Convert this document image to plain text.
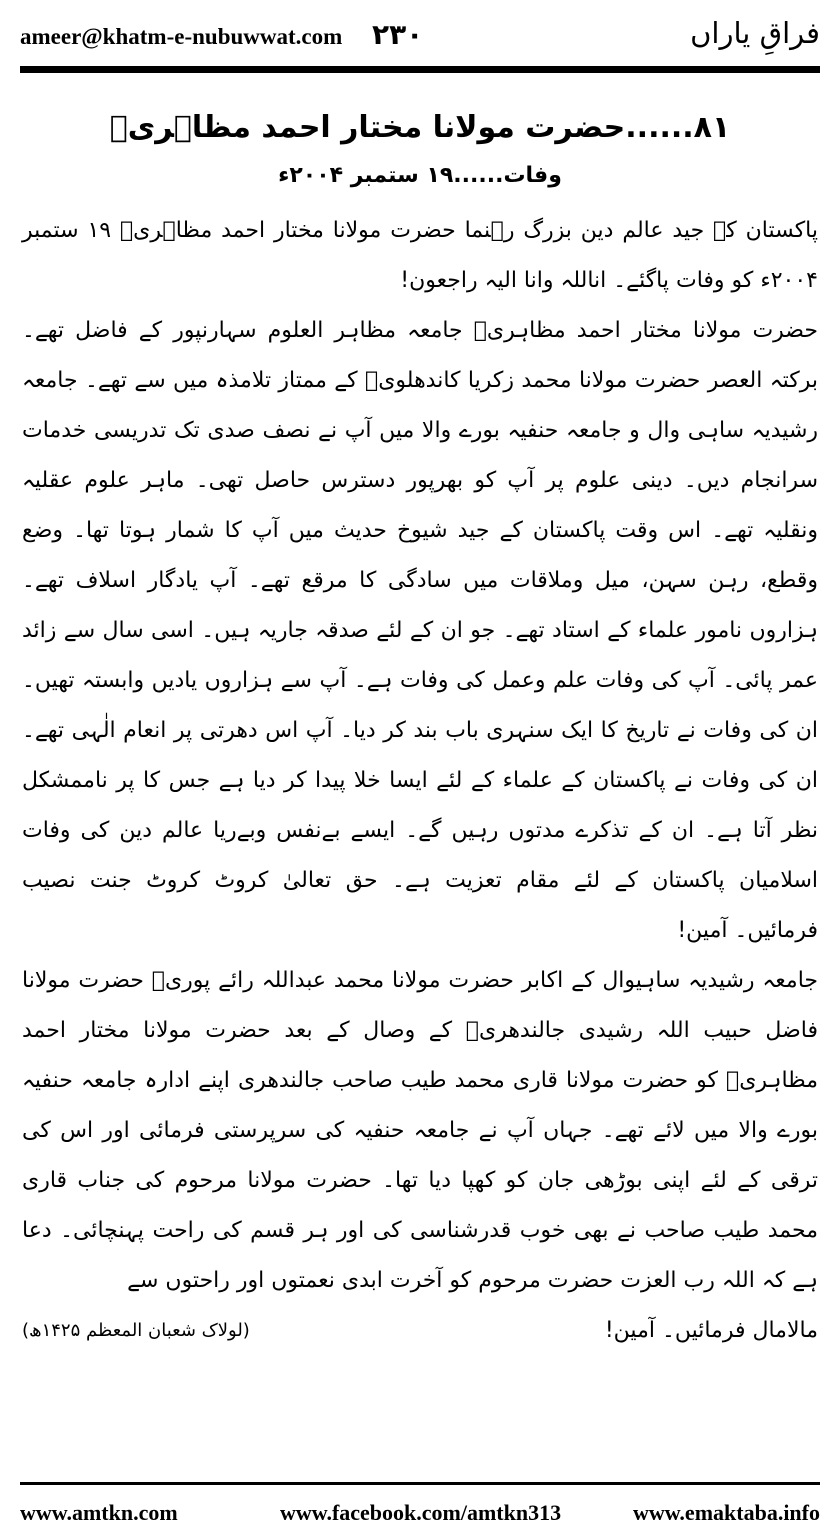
ameer@khatm-e-nubuwwat.com ۲۳۰	فراقِ یاراں

۸۱......حضرت مولانا مختار احمد مظاہریؒ

وفات......۱۹ ستمبر ۲۰۰۴ء

پاکستان کے جید عالم دین بزرگ رہنما حضرت مولانا مختار احمد مظاہریؒ ۱۹ ستمبر ۲۰۰۴ء کو وفات پاگئے۔ اناللہ وانا الیہ راجعون!

حضرت مولانا مختار احمد مظاہریؒ جامعہ مظاہر العلوم سہارنپور کے فاضل تھے۔ برکتہ العصر حضرت مولانا محمد زکریا کاندھلویؒ کے ممتاز تلامذہ میں سے تھے۔ جامعہ رشیدیہ ساہی وال و جامعہ حنفیہ بورے والا میں آپ نے نصف صدی تک تدریسی خدمات سرانجام دیں۔ دینی علوم پر آپ کو بھرپور دسترس حاصل تھی۔ ماہر علوم عقلیہ ونقلیہ تھے۔ اس وقت پاکستان کے جید شیوخ حدیث میں آپ کا شمار ہوتا تھا۔ وضع وقطع، رہن سہن، میل وملاقات میں سادگی کا مرقع تھے۔ آپ یادگار اسلاف تھے۔ ہزاروں نامور علماء کے استاد تھے۔ جو ان کے لئے صدقہ جاریہ ہیں۔ اسی سال سے زائد عمر پائی۔ آپ کی وفات علم وعمل کی وفات ہے۔ آپ سے ہزاروں یادیں وابستہ تھیں۔ ان کی وفات نے تاریخ کا ایک سنہری باب بند کر دیا۔ آپ اس دھرتی پر انعام الٰہی تھے۔ ان کی وفات نے پاکستان کے علماء کے لئے ایسا خلا پیدا کر دیا ہے جس کا پر ناممشکل نظر آتا ہے۔ ان کے تذکرے مدتوں رہیں گے۔ ایسے بےنفس وبےریا عالم دین کی وفات اسلامیان پاکستان کے لئے مقام تعزیت ہے۔ حق تعالیٰ کروٹ کروٹ جنت نصیب فرمائیں۔ آمین!

جامعہ رشیدیہ ساہیوال کے اکابر حضرت مولانا محمد عبداللہ رائے پوریؒ حضرت مولانا فاضل حبیب اللہ رشیدی جالندھریؒ کے وصال کے بعد حضرت مولانا مختار احمد مظاہریؒ کو حضرت مولانا قاری محمد طیب صاحب جالندھری اپنے ادارہ جامعہ حنفیہ بورے والا میں لائے تھے۔ جہاں آپ نے جامعہ حنفیہ کی سرپرستی فرمائی اور اس کی ترقی کے لئے اپنی بوڑھی جان کو کھپا دیا تھا۔ حضرت مولانا مرحوم کی جناب قاری محمد طیب صاحب نے بھی خوب قدرشناسی کی اور ہر قسم کی راحت پہنچائی۔ دعا ہے کہ اللہ رب العزت حضرت مرحوم کو آخرت ابدی نعمتوں اور راحتوں سے

مالامال فرمائیں۔ آمین!
(لولاک شعبان المعظم ۱۴۲۵ھ)
www.amtkn.com	www.facebook.com/amtkn313	www.emaktaba.info
